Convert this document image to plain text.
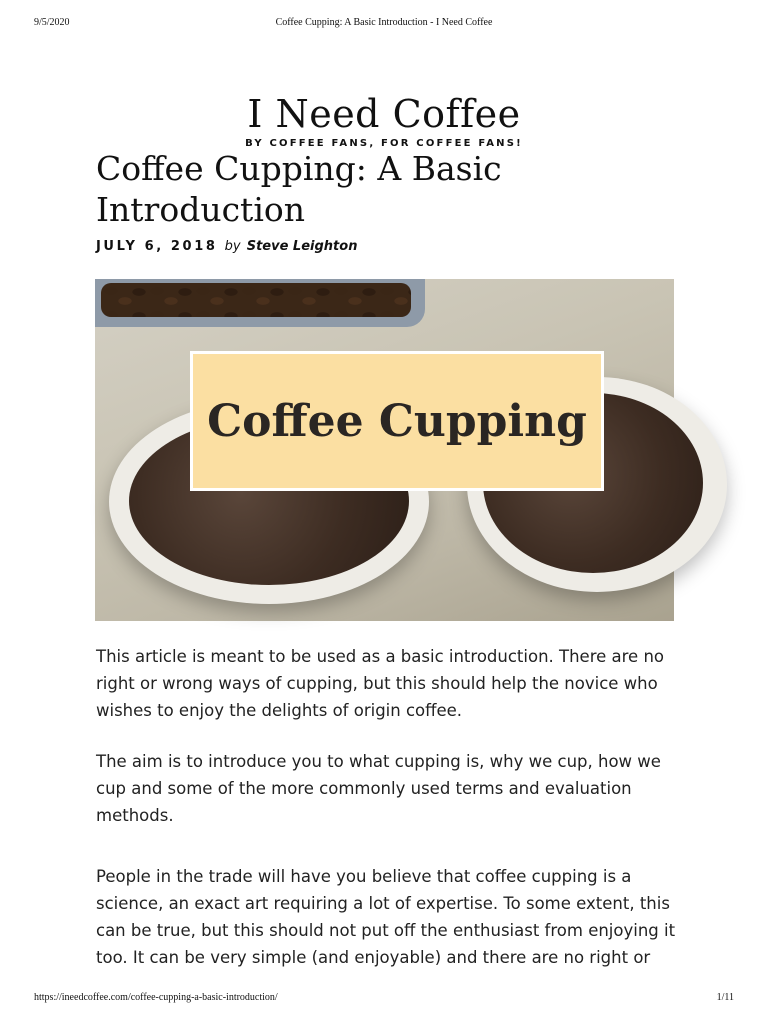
9/5/2020	Coffee Cupping: A Basic Introduction - I Need Coffee
I Need Coffee
BY COFFEE FANS, FOR COFFEE FANS!
Coffee Cupping: A Basic Introduction
JULY 6, 2018 by Steve Leighton
Coffee Cupping

This article is meant to be used as a basic introduction. There are no right or wrong ways of cupping, but this should help the novice who wishes to enjoy the delights of origin coffee.

The aim is to introduce you to what cupping is, why we cup, how we cup and some of the more commonly used terms and evaluation methods.

People in the trade will have you believe that coffee cupping is a science, an exact art requiring a lot of expertise. To some extent, this can be true, but this should not put off the enthusiast from enjoying it too. It can be very simple (and enjoyable) and there are no right or

https://ineedcoffee.com/coffee-cupping-a-basic-introduction/	1/11
